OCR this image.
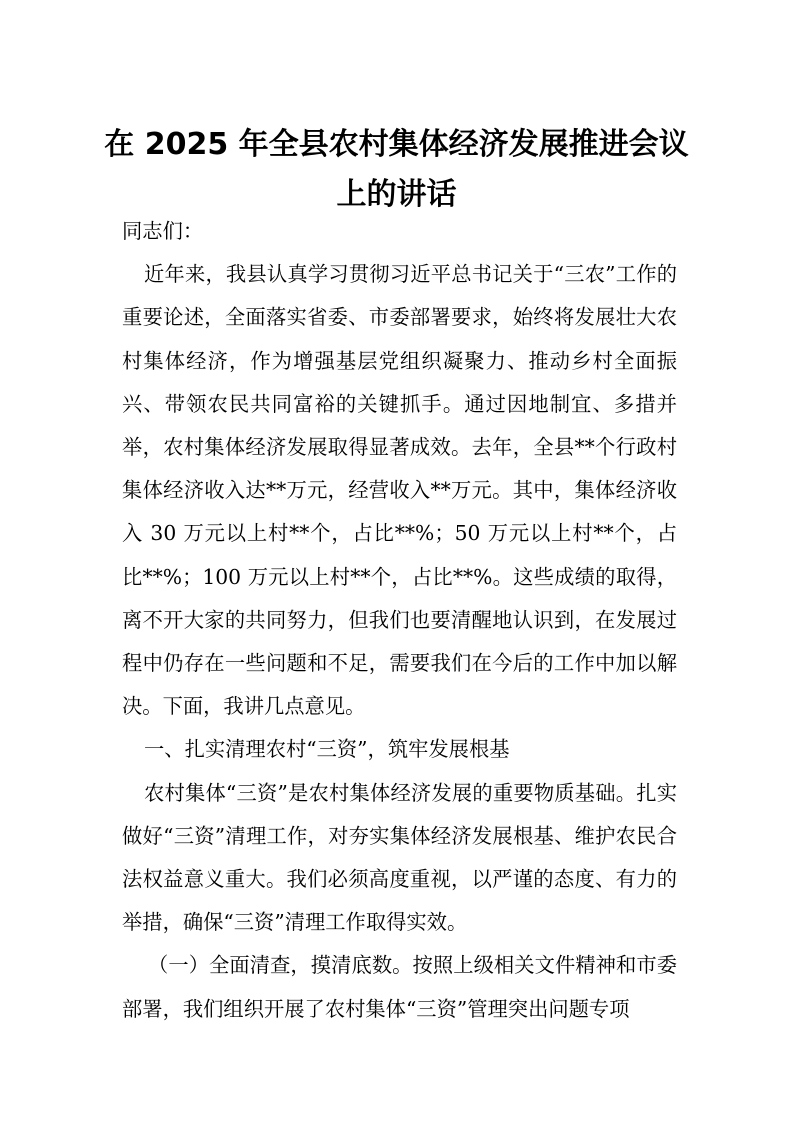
在 2025 年全县农村集体经济发展推进会议
上的讲话

同志们：

近年来，我县认真学习贯彻习近平总书记关于“三农”工作的重要论述，全面落实省委、市委部署要求，始终将发展壮大农村集体经济，作为增强基层党组织凝聚力、推动乡村全面振兴、带领农民共同富裕的关键抓手。通过因地制宜、多措并举，农村集体经济发展取得显著成效。去年，全县**个行政村集体经济收入达**万元，经营收入**万元。其中，集体经济收入 30 万元以上村**个，占比**%；50 万元以上村**个，占比**%；100 万元以上村**个，占比**%。这些成绩的取得，离不开大家的共同努力，但我们也要清醒地认识到，在发展过程中仍存在一些问题和不足，需要我们在今后的工作中加以解决。下面，我讲几点意见。

一、扎实清理农村“三资”，筑牢发展根基

农村集体“三资”是农村集体经济发展的重要物质基础。扎实做好“三资”清理工作，对夯实集体经济发展根基、维护农民合法权益意义重大。我们必须高度重视，以严谨的态度、有力的举措，确保“三资”清理工作取得实效。

（一）全面清查，摸清底数。按照上级相关文件精神和市委部署，我们组织开展了农村集体“三资”管理突出问题专项
